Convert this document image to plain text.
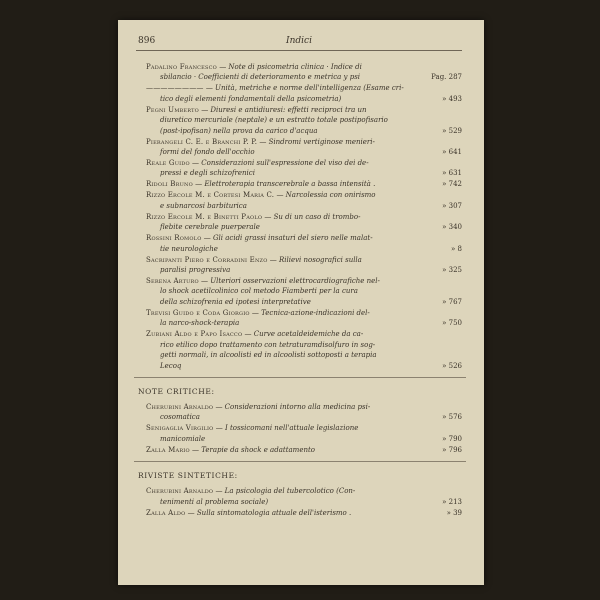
896	Indici
Padalino Francesco — Note di psicometria clinica · Indice di
sbilancio · Coefficienti di deterioramento e metrica y psi	Pag. 287
———————— — Unità, metriche e norme dell'intelligenza (Esame cri-
tico degli elementi fondamentali della psicometria)	» 493
Pegni Umberto — Diuresi e antidiuresi: effetti reciproci tra un
diuretico mercuriale (neptale) e un estratto totale postipofisario
(post-ipofisan) nella prova da carico d'acqua	» 529
Pierangeli C. E. e Branchi P. P. — Sindromi vertiginose menieri-
formi del fondo dell'occhio	» 641
Reale Guido — Considerazioni sull'espressione del viso dei de-
pressi e degli schizofrenici	» 631
Ridoli Bruno — Elettroterapia transcerebrale a bassa intensità .	» 742
Rizzo Ercole M. e Cortesi Maria C. — Narcolessia con onirismo
e subnarcosi barbiturica	» 307
Rizzo Ercole M. e Binetti Paolo — Su di un caso di trombo-
flebite cerebrale puerperale	» 340
Rossini Romolo — Gli acidi grassi insaturi del siero nelle malat-
tie neurologiche	» 8
Sacripanti Piero e Corradini Enzo — Rilievi nosografici sulla
paralisi progressiva	» 325
Serena Arturo — Ulteriori osservazioni elettrocardiografiche nel-
lo shock acetilcolinico col metodo Fiamberti per la cura
della schizofrenia ed ipotesi interpretative	» 767
Trevisi Guido e Coda Giorgio — Tecnica-azione-indicazioni del-
la narco-shock-terapia	» 750
Zubiani Aldo e Papo Isacco — Curve acetaldeidemiche da ca-
rico etilico dopo trattamento con tetraturamdisolfuro in sog-
getti normali, in alcoolisti ed in alcoolisti sottoposti a terapia
Lecoq	» 526
NOTE CRITICHE:
Cherubini Arnaldo — Considerazioni intorno alla medicina psi-
cosomatica	» 576
Senigaglia Virgilio — I tossicomani nell'attuale legislazione
manicomiale	» 790
Zalla Mario — Terapie da shock e adattamento	» 796
RIVISTE SINTETICHE:
Cherubini Arnaldo — La psicologia del tubercolotico (Con-
tenimenti al problema sociale)	» 213
Zalla Aldo — Sulla sintomatologia attuale dell'isterismo .	» 39
